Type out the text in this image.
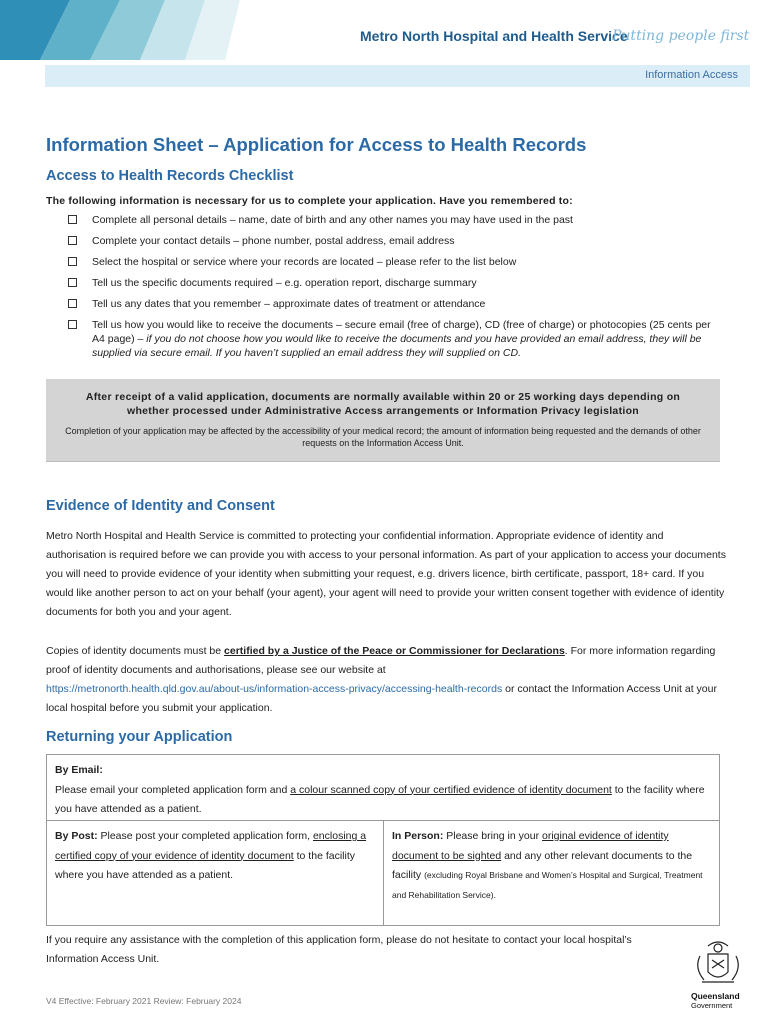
Metro North Hospital and Health Service
Putting people first
Information Access
Information Sheet – Application for Access to Health Records
Access to Health Records Checklist
The following information is necessary for us to complete your application. Have you remembered to:
Complete all personal details – name, date of birth and any other names you may have used in the past
Complete your contact details – phone number, postal address, email address
Select the hospital or service where your records are located – please refer to the list below
Tell us the specific documents required – e.g. operation report, discharge summary
Tell us any dates that you remember – approximate dates of treatment or attendance
Tell us how you would like to receive the documents – secure email (free of charge), CD (free of charge) or photocopies (25 cents per A4 page) – if you do not choose how you would like to receive the documents and you have provided an email address, they will be supplied via secure email. If you haven’t supplied an email address they will supplied on CD.
After receipt of a valid application, documents are normally available within 20 or 25 working days depending on whether processed under Administrative Access arrangements or Information Privacy legislation
Completion of your application may be affected by the accessibility of your medical record; the amount of information being requested and the demands of other requests on the Information Access Unit.
Evidence of Identity and Consent
Metro North Hospital and Health Service is committed to protecting your confidential information. Appropriate evidence of identity and authorisation is required before we can provide you with access to your personal information. As part of your application to access your documents you will need to provide evidence of your identity when submitting your request, e.g. drivers licence, birth certificate, passport, 18+ card. If you would like another person to act on your behalf (your agent), your agent will need to provide your written consent together with evidence of identity documents for both you and your agent.
Copies of identity documents must be certified by a Justice of the Peace or Commissioner for Declarations. For more information regarding proof of identity documents and authorisations, please see our website at
https://metronorth.health.qld.gov.au/about-us/information-access-privacy/accessing-health-records or contact the Information Access Unit at your local hospital before you submit your application.
Returning your Application
By Email:
Please email your completed application form and a colour scanned copy of your certified evidence of identity document to the facility where you have attended as a patient.
By Post: Please post your completed application form, enclosing a certified copy of your evidence of identity document to the facility where you have attended as a patient.
In Person: Please bring in your original evidence of identity document to be sighted and any other relevant documents to the facility (excluding Royal Brisbane and Women’s Hospital and Surgical, Treatment and Rehabilitation Service).
If you require any assistance with the completion of this application form, please do not hesitate to contact your local hospital’s Information Access Unit.
V4 Effective: February 2021 Review: February 2024	Queensland
Government
